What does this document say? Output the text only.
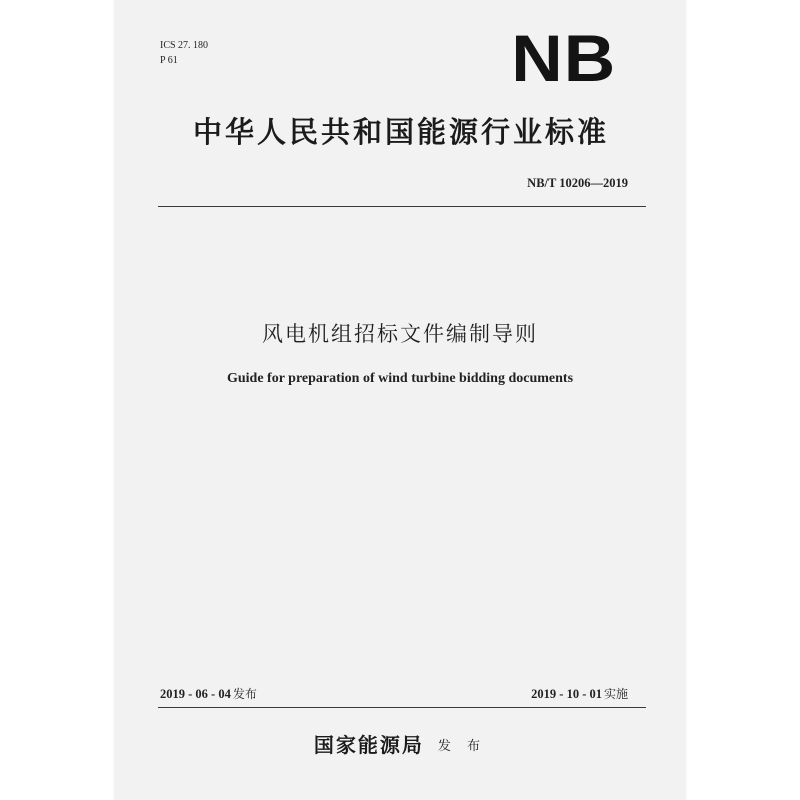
ICS 27. 180
P 61	NB
中华人民共和国能源行业标准
NB/T 10206—2019
风电机组招标文件编制导则
Guide for preparation of wind turbine bidding documents
2019 - 06 - 04 发布	2019 - 10 - 01 实施
国家能源局 发 布
